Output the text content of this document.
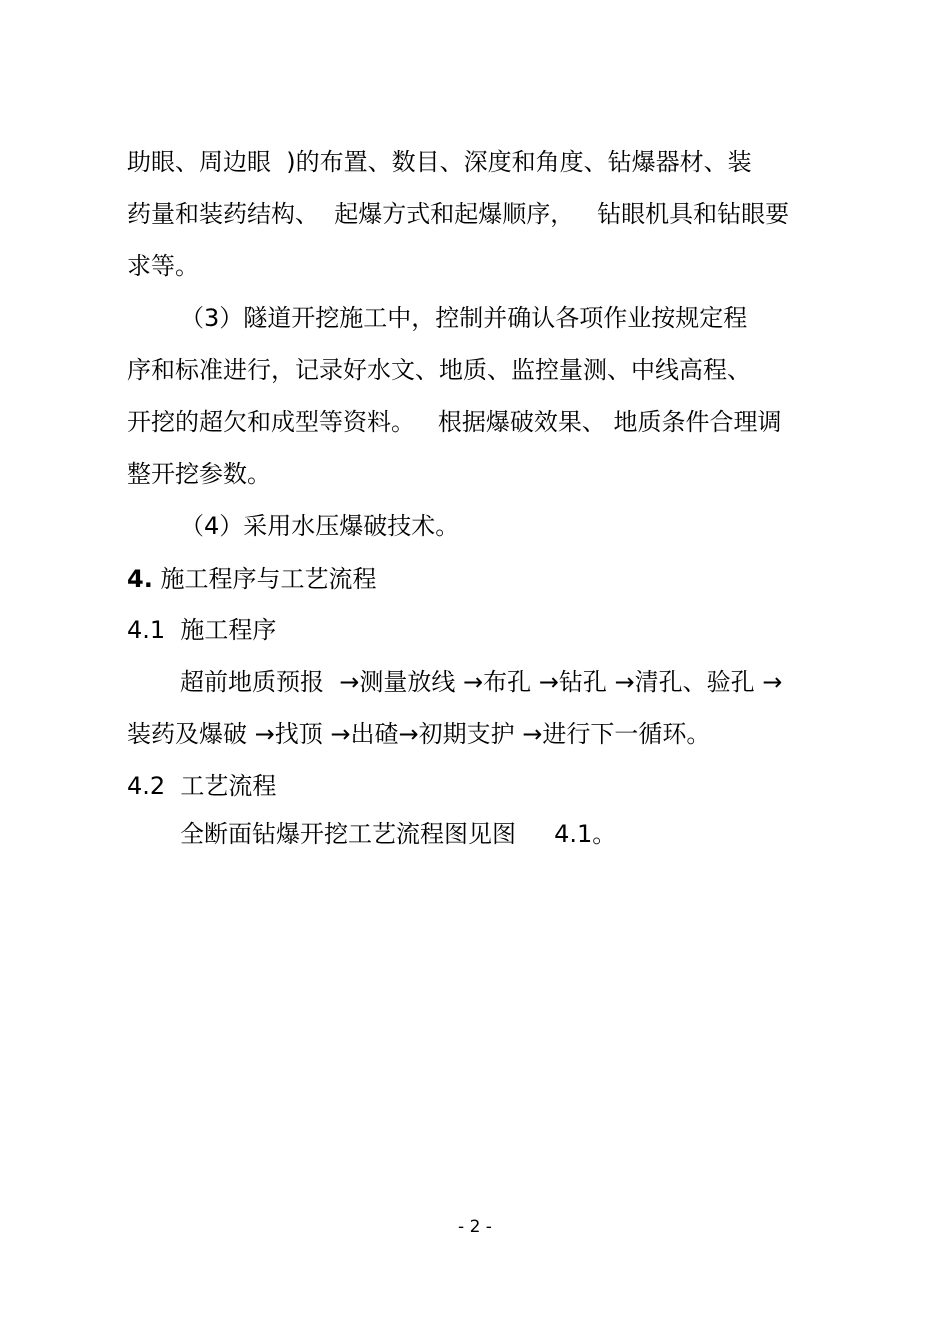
助眼、周边眼  )的布置、数目、深度和角度、钻爆器材、装
药量和装药结构、  起爆方式和起爆顺序，   钻眼机具和钻眼要
求等。
（3）隧道开挖施工中，控制并确认各项作业按规定程
序和标准进行，记录好水文、地质、监控量测、中线高程、
开挖的超欠和成型等资料。   根据爆破效果、 地质条件合理调
整开挖参数。
（4）采用水压爆破技术。
4. 施工程序与工艺流程
4.1  施工程序
超前地质预报  →测量放线 →布孔 →钻孔 →清孔、验孔 →
装药及爆破 →找顶 →出碴→初期支护 →进行下一循环。
4.2  工艺流程
全断面钻爆开挖工艺流程图见图     4.1。
- 2 -
